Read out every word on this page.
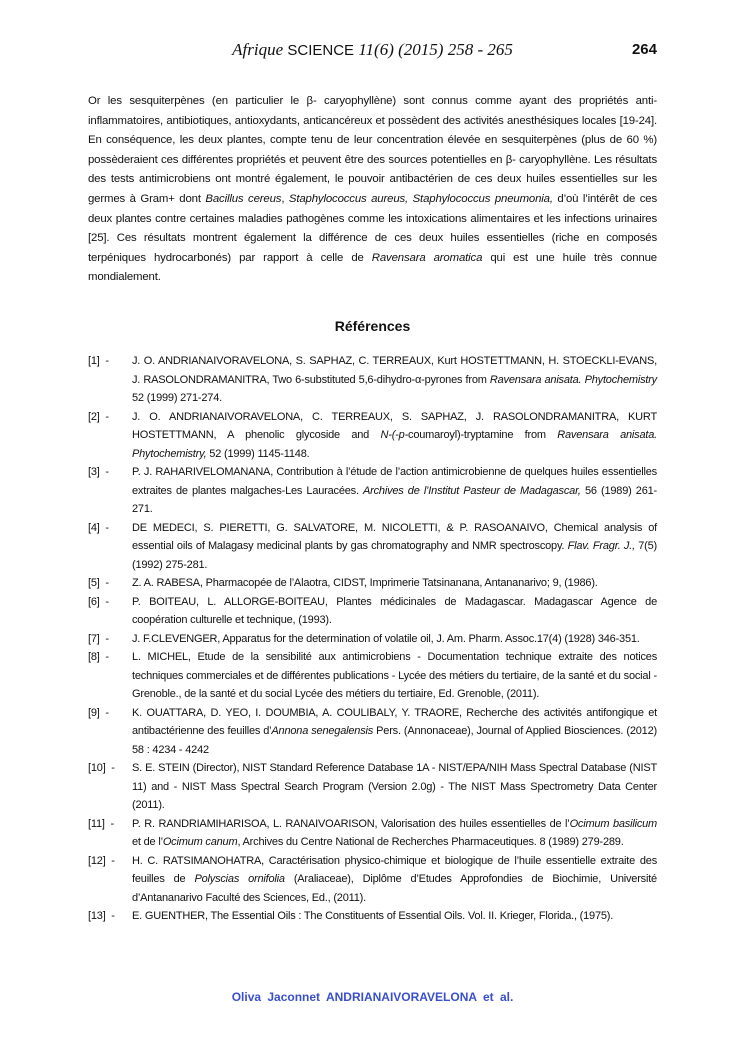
Afrique SCIENCE 11(6) (2015) 258 - 265	264
Or les sesquiterpènes (en particulier le β- caryophyllène) sont connus comme ayant des propriétés anti-inflammatoires, antibiotiques, antioxydants, anticancéreux et possèdent des activités anesthésiques locales [19-24]. En conséquence, les deux plantes, compte tenu de leur concentration élevée en sesquiterpènes (plus de 60 %) possèderaient ces différentes propriétés et peuvent être des sources potentielles en β- caryophyllène. Les résultats des tests antimicrobiens ont montré également, le pouvoir antibactérien de ces deux huiles essentielles sur les germes à Gram+ dont Bacillus cereus, Staphylococcus aureus, Staphylococcus pneumonia, d’où l’intérêt de ces deux plantes contre certaines maladies pathogènes comme les intoxications alimentaires et les infections urinaires [25]. Ces résultats montrent également la différence de ces deux huiles essentielles (riche en composés terpéniques hydrocarbonés) par rapport à celle de Ravensara aromatica qui est une huile très connue mondialement.
Références
[1]  -	J. O. ANDRIANAIVORAVELONA, S. SAPHAZ, C. TERREAUX, Kurt HOSTETTMANN, H. STOECKLI-EVANS, J. RASOLONDRAMANITRA, Two 6-substituted 5,6-dihydro-α-pyrones from Ravensara anisata. Phytochemistry 52 (1999) 271-274.
[2]  -	J. O. ANDRIANAIVORAVELONA, C. TERREAUX, S. SAPHAZ, J. RASOLONDRAMANITRA, KURT HOSTETTMANN, A phenolic glycoside and N-(-p-coumaroyl)-tryptamine from Ravensara anisata. Phytochemistry, 52 (1999) 1145-1148.
[3]  -	P. J. RAHARIVELOMANANA, Contribution à l’étude de l’action antimicrobienne de quelques huiles essentielles extraites de plantes malgaches-Les Lauracées. Archives de l’Institut Pasteur de Madagascar, 56 (1989) 261-271.
[4]  -	DE MEDECI, S. PIERETTI, G. SALVATORE, M. NICOLETTI, & P. RASOANAIVO, Chemical analysis of essential oils of Malagasy medicinal plants by gas chromatography and NMR spectroscopy. Flav. Fragr. J., 7(5) (1992) 275-281.
[5]  -	Z. A. RABESA, Pharmacopée de l’Alaotra, CIDST, Imprimerie Tatsinanana, Antananarivo; 9, (1986).
[6]  -	P. BOITEAU, L. ALLORGE-BOITEAU, Plantes médicinales de Madagascar. Madagascar Agence de coopération culturelle et technique, (1993).
[7]  -	J. F.CLEVENGER, Apparatus for the determination of volatile oil, J. Am. Pharm. Assoc.17(4) (1928) 346-351.
[8]  -	L. MICHEL, Etude de la sensibilité aux antimicrobiens - Documentation technique extraite des notices techniques commerciales et de différentes publications - Lycée des métiers du tertiaire, de la santé et du social - Grenoble., de la santé et du social Lycée des métiers du tertiaire, Ed. Grenoble, (2011).
[9]  -	K. OUATTARA, D. YEO, I. DOUMBIA, A. COULIBALY, Y. TRAORE, Recherche des activités antifongique et antibactérienne des feuilles d’Annona senegalensis Pers. (Annonaceae), Journal of Applied Biosciences. (2012) 58 : 4234 - 4242
[10]  -	S. E. STEIN (Director), NIST Standard Reference Database 1A - NIST/EPA/NIH Mass Spectral Database (NIST 11) and - NIST Mass Spectral Search Program (Version 2.0g) - The NIST Mass Spectrometry Data Center (2011).
[11]  -	P. R. RANDRIAMIHARISOA, L. RANAIVOARISON, Valorisation des huiles essentielles de l’Ocimum basilicum et de l’Ocimum canum, Archives du Centre National de Recherches Pharmaceutiques. 8 (1989) 279-289.
[12]  -	H. C. RATSIMANOHATRA, Caractérisation physico-chimique et biologique de l’huile essentielle extraite des feuilles de Polyscias ornifolia (Araliaceae), Diplôme d’Etudes Approfondies de Biochimie, Université d’Antananarivo Faculté des Sciences, Ed., (2011).
[13]  -	E. GUENTHER, The Essential Oils : The Constituents of Essential Oils. Vol. II. Krieger, Florida., (1975).
Oliva Jaconnet ANDRIANAIVORAVELONA et al.
